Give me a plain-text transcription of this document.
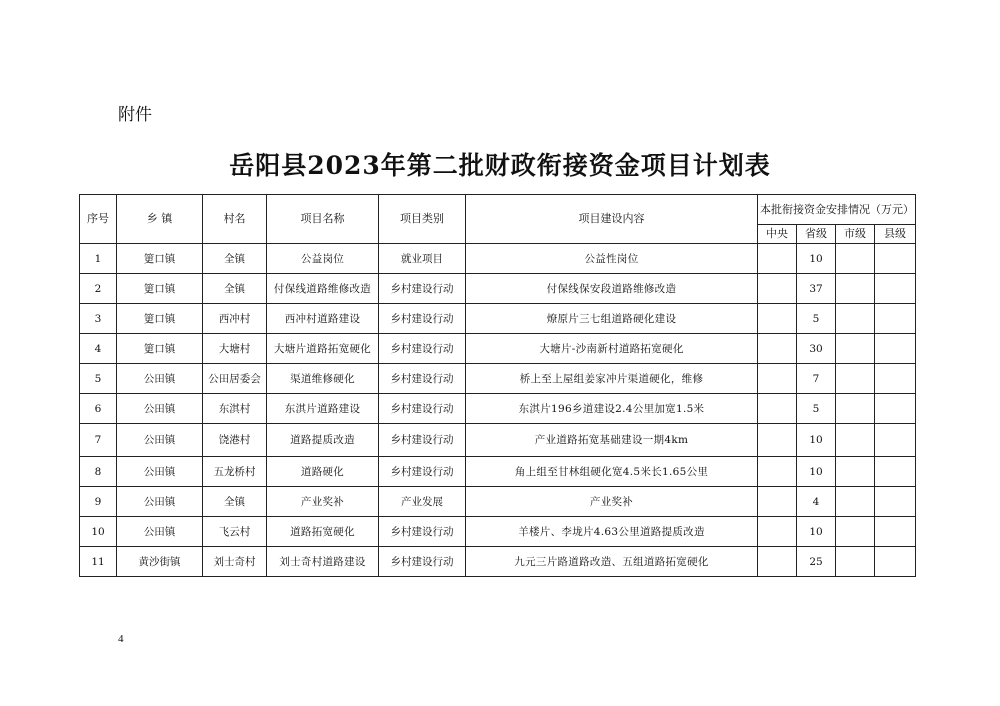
附件
岳阳县2023年第二批财政衔接资金项目计划表
序号	乡 镇	村名	项目名称	项目类别	项目建设内容	本批衔接资金安排情况（万元）			
						中央	省级	市级	县级
1	筻口镇	全镇	公益岗位	就业项目	公益性岗位		10		
2	筻口镇	全镇	付保线道路维修改造	乡村建设行动	付保线保安段道路维修改造		37		
3	筻口镇	西冲村	西冲村道路建设	乡村建设行动	燎原片三七组道路硬化建设		5		
4	筻口镇	大塘村	大塘片道路拓宽硬化	乡村建设行动	大塘片-沙南新村道路拓宽硬化		30		
5	公田镇	公田居委会	渠道维修硬化	乡村建设行动	桥上至上屋组姜家冲片渠道硬化，维修		7		
6	公田镇	东淇村	东淇片道路建设	乡村建设行动	东淇片196乡道建设2.4公里加宽1.5米		5		
7	公田镇	饶港村	道路提质改造	乡村建设行动	产业道路拓宽基础建设一期4km		10		
8	公田镇	五龙桥村	道路硬化	乡村建设行动	角上组至甘林组硬化宽4.5米长1.65公里		10		
9	公田镇	全镇	产业奖补	产业发展	产业奖补		4		
10	公田镇	飞云村	道路拓宽硬化	乡村建设行动	羊楼片、李垅片4.63公里道路提质改造		10		
11	黄沙街镇	刘士奇村	刘士奇村道路建设	乡村建设行动	九元三片路道路改造、五组道路拓宽硬化		25		
4
